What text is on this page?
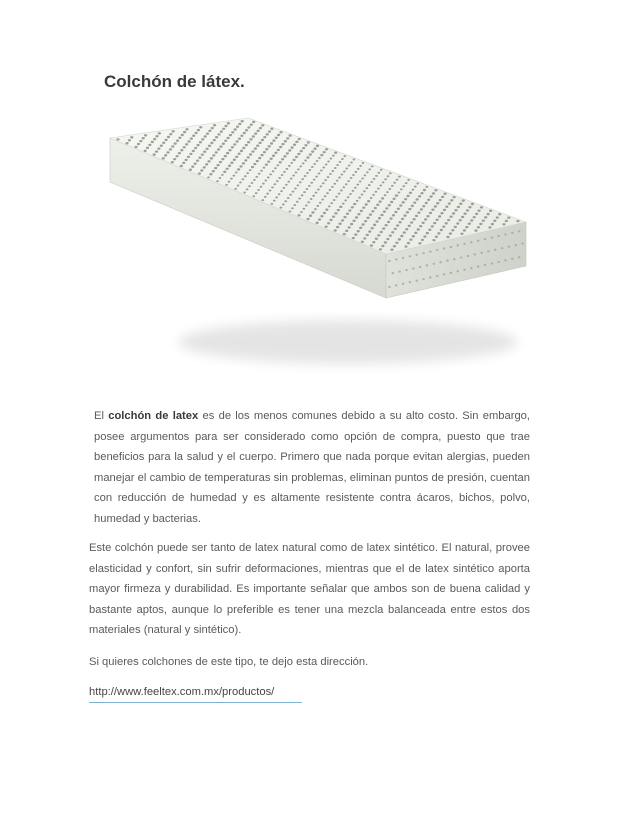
Colchón de látex.

El colchón de latex es de los menos comunes debido a su alto costo. Sin embargo, posee argumentos para ser considerado como opción de compra, puesto que trae beneficios para la salud y el cuerpo. Primero que nada porque evitan alergias, pueden manejar el cambio de temperaturas sin problemas, eliminan puntos de presión, cuentan con reducción de humedad y es altamente resistente contra ácaros, bichos, polvo, humedad y bacterias.

Este colchón puede ser tanto de latex natural como de latex sintético. El natural, provee elasticidad y confort, sin sufrir deformaciones, mientras que el de latex sintético aporta mayor firmeza y durabilidad. Es importante señalar que ambos son de buena calidad y bastante aptos, aunque lo preferible es tener una mezcla balanceada entre estos dos materiales (natural y sintético).

Si quieres colchones de este tipo, te dejo esta dirección.

http://www.feeltex.com.mx/productos/
